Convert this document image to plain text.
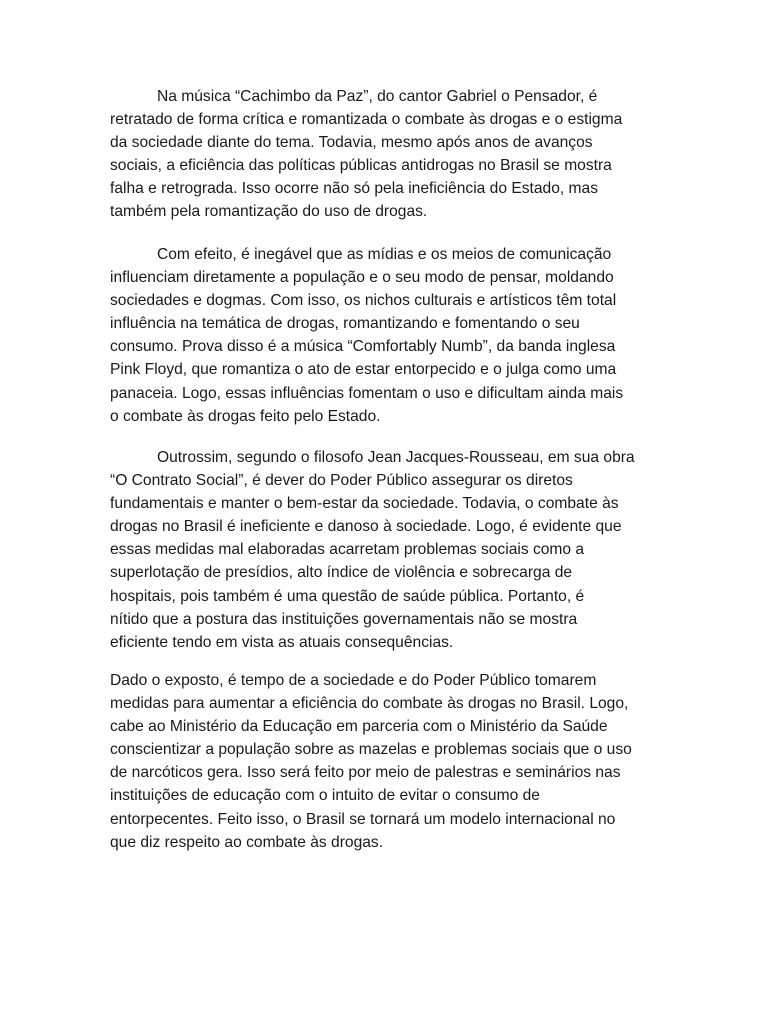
Na música “Cachimbo da Paz”, do cantor Gabriel o Pensador, é
retratado de forma crítica e romantizada o combate às drogas e o estigma
da sociedade diante do tema. Todavia, mesmo após anos de avanços
sociais, a eficiência das políticas públicas antidrogas no Brasil se mostra
falha e retrograda. Isso ocorre não só pela ineficiência do Estado, mas
também pela romantização do uso de drogas.
Com efeito, é inegável que as mídias e os meios de comunicação
influenciam diretamente a população e o seu modo de pensar, moldando
sociedades e dogmas. Com isso, os nichos culturais e artísticos têm total
influência na temática de drogas, romantizando e fomentando o seu
consumo. Prova disso é a música “Comfortably Numb”, da banda inglesa
Pink Floyd, que romantiza o ato de estar entorpecido e o julga como uma
panaceia. Logo, essas influências fomentam o uso e dificultam ainda mais
o combate às drogas feito pelo Estado.
Outrossim, segundo o filosofo Jean Jacques-Rousseau, em sua obra
“O Contrato Social”, é dever do Poder Público assegurar os diretos
fundamentais e manter o bem-estar da sociedade. Todavia, o combate às
drogas no Brasil é ineficiente e danoso à sociedade. Logo, é evidente que
essas medidas mal elaboradas acarretam problemas sociais como a
superlotação de presídios, alto índice de violência e sobrecarga de
hospitais, pois também é uma questão de saúde pública. Portanto, é
nítido que a postura das instituições governamentais não se mostra
eficiente tendo em vista as atuais consequências.
Dado o exposto, é tempo de a sociedade e do Poder Público tomarem
medidas para aumentar a eficiência do combate às drogas no Brasil. Logo,
cabe ao Ministério da Educação em parceria com o Ministério da Saúde
conscientizar a população sobre as mazelas e problemas sociais que o uso
de narcóticos gera. Isso será feito por meio de palestras e seminários nas
instituições de educação com o intuito de evitar o consumo de
entorpecentes. Feito isso, o Brasil se tornará um modelo internacional no
que diz respeito ao combate às drogas.
